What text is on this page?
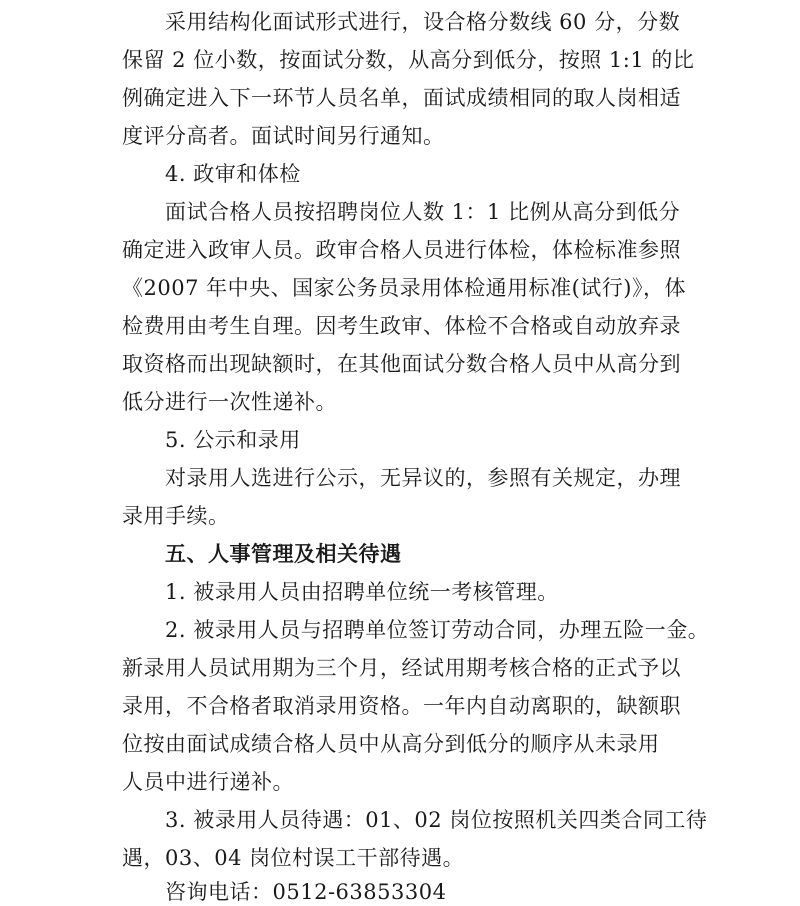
采用结构化面试形式进行，设合格分数线 60 分，分数
保留 2 位小数，按面试分数，从高分到低分，按照 1:1 的比
例确定进入下一环节人员名单，面试成绩相同的取人岗相适
度评分高者。面试时间另行通知。
4. 政审和体检
面试合格人员按招聘岗位人数 1：1 比例从高分到低分
确定进入政审人员。政审合格人员进行体检，体检标准参照
《2007 年中央、国家公务员录用体检通用标准(试行)》，体
检费用由考生自理。因考生政审、体检不合格或自动放弃录
取资格而出现缺额时，在其他面试分数合格人员中从高分到
低分进行一次性递补。
5. 公示和录用
对录用人选进行公示，无异议的，参照有关规定，办理
录用手续。
五、人事管理及相关待遇
1. 被录用人员由招聘单位统一考核管理。
2. 被录用人员与招聘单位签订劳动合同，办理五险一金。
新录用人员试用期为三个月，经试用期考核合格的正式予以
录用，不合格者取消录用资格。一年内自动离职的，缺额职
位按由面试成绩合格人员中从高分到低分的顺序从未录用
人员中进行递补。
3. 被录用人员待遇：01、02 岗位按照机关四类合同工待
遇，03、04 岗位村误工干部待遇。
咨询电话：0512-63853304
